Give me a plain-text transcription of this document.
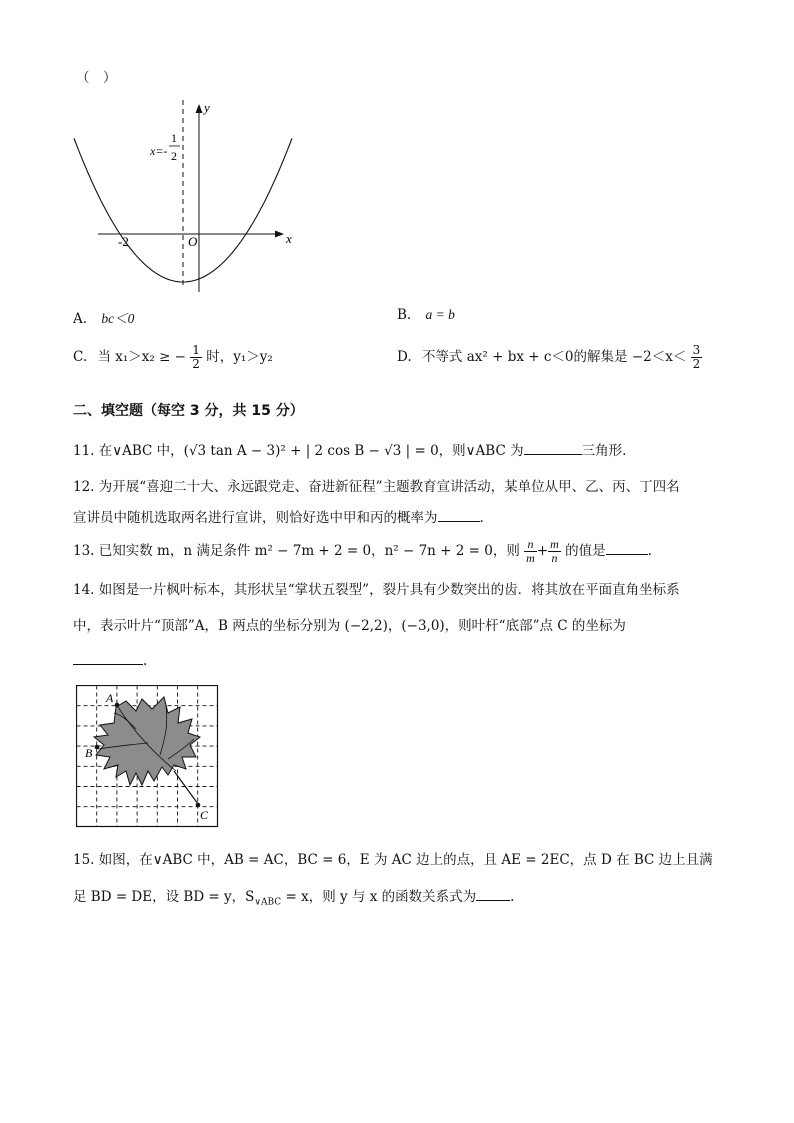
（　）
x
y
O
-2
x=-
1
2
A. bc＜0	B. a = b
C. 当 x₁＞x₂ ≥ − $\frac{1}{2}$ 时，y₁＞y₂	D. 不等式 ax² + bx + c＜0的解集是 $-2<x< \frac{3}{2}$
二、填空题（每空 3 分，共 15 分）
11. 在∨ABC 中，(√3 tan A − 3)² + | 2 cos B − √3 | = 0，则∨ABC 为	三角形.
12. 为开展“喜迎二十大、永远跟党走、奋进新征程”主题教育宣讲活动，某单位从甲、乙、丙、丁四名
宣讲员中随机选取两名进行宣讲，则恰好选中甲和丙的概率为	.
13. 已知实数 m，n 满足条件 m² − 7m + 2 = 0，n² − 7n + 2 = 0，则 $\frac{n}{m} + \frac{m}{n}$ 的值是	.
14. 如图是一片枫叶标本，其形状呈“掌状五裂型”，裂片具有少数突出的齿．将其放在平面直角坐标系
中，表示叶片“顶部”A，B 两点的坐标分别为 (−2,2)，(−3,0)，则叶杆“底部”点 C 的坐标为
.
A
B
C
15. 如图，在∨ABC 中，AB = AC，BC = 6，E 为 AC 边上的点，且 AE = 2EC，点 D 在 BC 边上且满
足 BD = DE，设 BD = y，$S_{\vee ABC} = x$，则 y 与 x 的函数关系式为	.
